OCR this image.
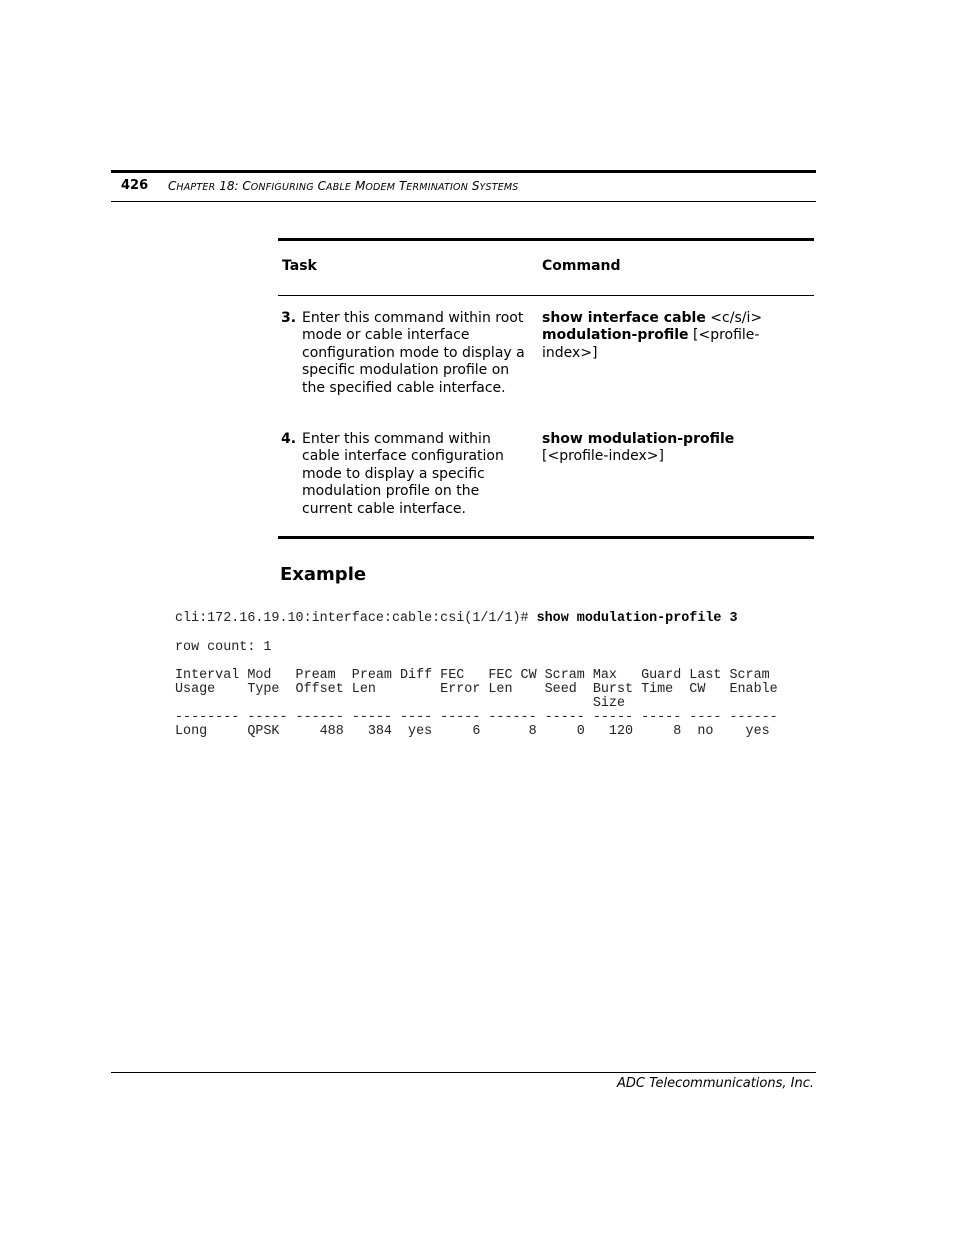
426 CHAPTER 18: CONFIGURING CABLE MODEM TERMINATION SYSTEMS
Task	Command
3. Enter this command within root mode or cable interface configuration mode to display a specific modulation profile on the specified cable interface.
show interface cable <c/s/i>
modulation-profile [<profile-index>]
4. Enter this command within cable interface configuration mode to display a specific modulation profile on the current cable interface.
show modulation-profile
[<profile-index>]
Example
cli:172.16.19.10:interface:cable:csi(1/1/1)# show modulation-profile 3
row count: 1
Interval Mod   Pream  Pream Diff FEC   FEC CW Scram Max   Guard Last Scram
Usage    Type  Offset Len        Error Len    Seed  Burst Time  CW   Enable
Size
-------- ----- ------ ----- ---- ----- ------ ----- ----- ----- ---- ------
Long     QPSK     488   384  yes     6      8     0   120     8  no    yes
ADC Telecommunications, Inc.
